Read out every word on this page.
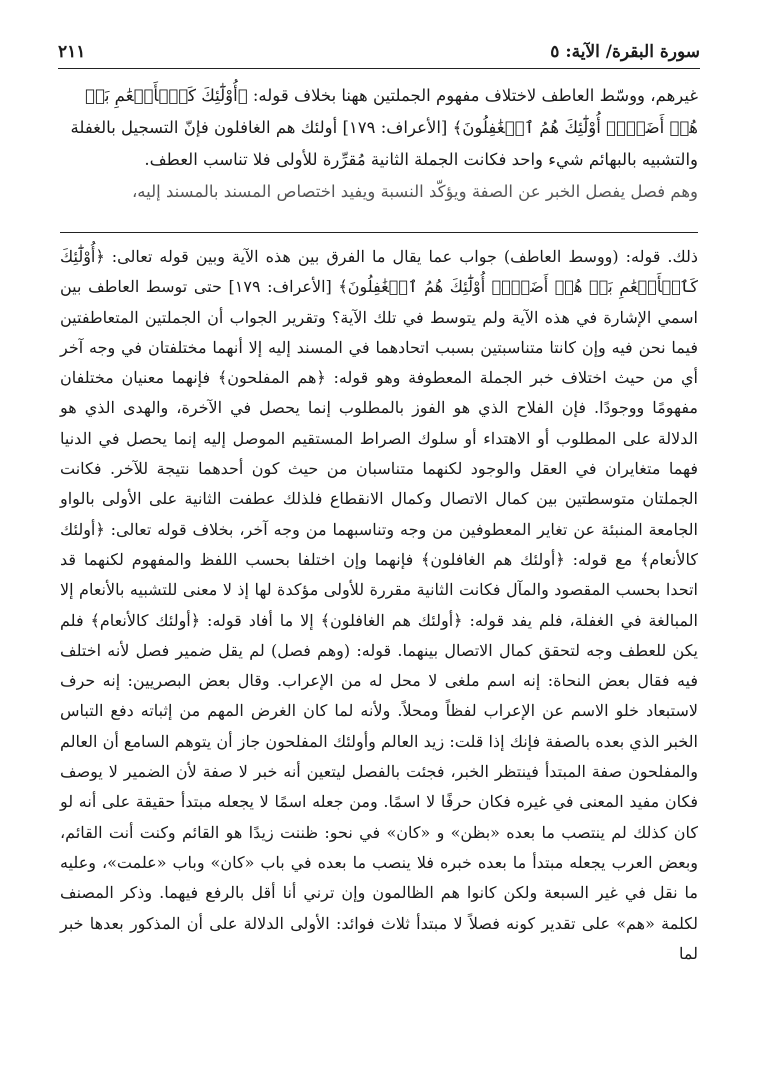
سورة البقرة/ الآية: ٥
٢١١

غيرهم، ووسّط العاطف لاختلاف مفهوم الجملتين ههنا بخلاف قوله: ﴿أُوْلَٰٓئِكَ كَٱلۡأَنۡعَٰمِ بَلۡ

هُمۡ أَضَلُّۚ أُوْلَٰٓئِكَ هُمُ ٱلۡغَٰفِلُونَ﴾ [الأعراف: ١٧٩] أولئك هم الغافلون فإنّ التسجيل بالغفلة

والتشبيه بالبهائم شيء واحد فكانت الجملة الثانية مُقرِّرة للأولى فلا تناسب العطف.

وهم فصل يفصل الخبر عن الصفة ويؤكّد النسبة ويفيد اختصاص المسند بالمسند إليه،

ذلك. قوله: (ووسط العاطف) جواب عما يقال ما الفرق بين هذه الآية وبين قوله تعالى: ﴿أُوْلَٰٓئِكَ كَٱلۡأَنۡعَٰمِ بَلۡ هُمۡ أَضَلُّۚ أُوْلَٰٓئِكَ هُمُ ٱلۡغَٰفِلُونَ﴾ [الأعراف: ١٧٩] حتى توسط العاطف بين اسمي الإشارة في هذه الآية ولم يتوسط في تلك الآية؟ وتقرير الجواب أن الجملتين المتعاطفتين فيما نحن فيه وإن كانتا متناسبتين بسبب اتحادهما في المسند إليه إلا أنهما مختلفتان في وجه آخر أي من حيث اختلاف خبر الجملة المعطوفة وهو قوله: ﴿هم المفلحون﴾ فإنهما معنيان مختلفان مفهومًا ووجودًا. فإن الفلاح الذي هو الفوز بالمطلوب إنما يحصل في الآخرة، والهدى الذي هو الدلالة على المطلوب أو الاهتداء أو سلوك الصراط المستقيم الموصل إليه إنما يحصل في الدنيا فهما متغايران في العقل والوجود لكنهما متناسبان من حيث كون أحدهما نتيجة للآخر. فكانت الجملتان متوسطتين بين كمال الاتصال وكمال الانقطاع فلذلك عطفت الثانية على الأولى بالواو الجامعة المنبئة عن تغاير المعطوفين من وجه وتناسبهما من وجه آخر، بخلاف قوله تعالى: ﴿أولئك كالأنعام﴾ مع قوله: ﴿أولئك هم الغافلون﴾ فإنهما وإن اختلفا بحسب اللفظ والمفهوم لكنهما قد اتحدا بحسب المقصود والمآل فكانت الثانية مقررة للأولى مؤكدة لها إذ لا معنى للتشبيه بالأنعام إلا المبالغة في الغفلة، فلم يفد قوله: ﴿أولئك هم الغافلون﴾ إلا ما أفاد قوله: ﴿أولئك كالأنعام﴾ فلم يكن للعطف وجه لتحقق كمال الاتصال بينهما. قوله: (وهم فصل) لم يقل ضمير فصل لأنه اختلف فيه فقال بعض النحاة: إنه اسم ملغى لا محل له من الإعراب. وقال بعض البصريين: إنه حرف لاستبعاد خلو الاسم عن الإعراب لفظاً ومحلاً. ولأنه لما كان الغرض المهم من إثباته دفع التباس الخبر الذي بعده بالصفة فإنك إذا قلت: زيد العالم وأولئك المفلحون جاز أن يتوهم السامع أن العالم والمفلحون صفة المبتدأ فينتظر الخبر، فجئت بالفصل ليتعين أنه خبر لا صفة لأن الضمير لا يوصف فكان مفيد المعنى في غيره فكان حرفًا لا اسمًا. ومن جعله اسمًا لا يجعله مبتدأ حقيقة على أنه لو كان كذلك لم ينتصب ما بعده «بظن» و «كان» في نحو: ظننت زيدًا هو القائم وكنت أنت القائم، وبعض العرب يجعله مبتدأ ما بعده خبره فلا ينصب ما بعده في باب «كان» وباب «علمت»، وعليه ما نقل في غير السبعة ولكن كانوا هم الظالمون وإن ترني أنا أقل بالرفع فيهما. وذكر المصنف لكلمة «هم» على تقدير كونه فصلاً لا مبتدأ ثلاث فوائد: الأولى الدلالة على أن المذكور بعدها خبر لما
